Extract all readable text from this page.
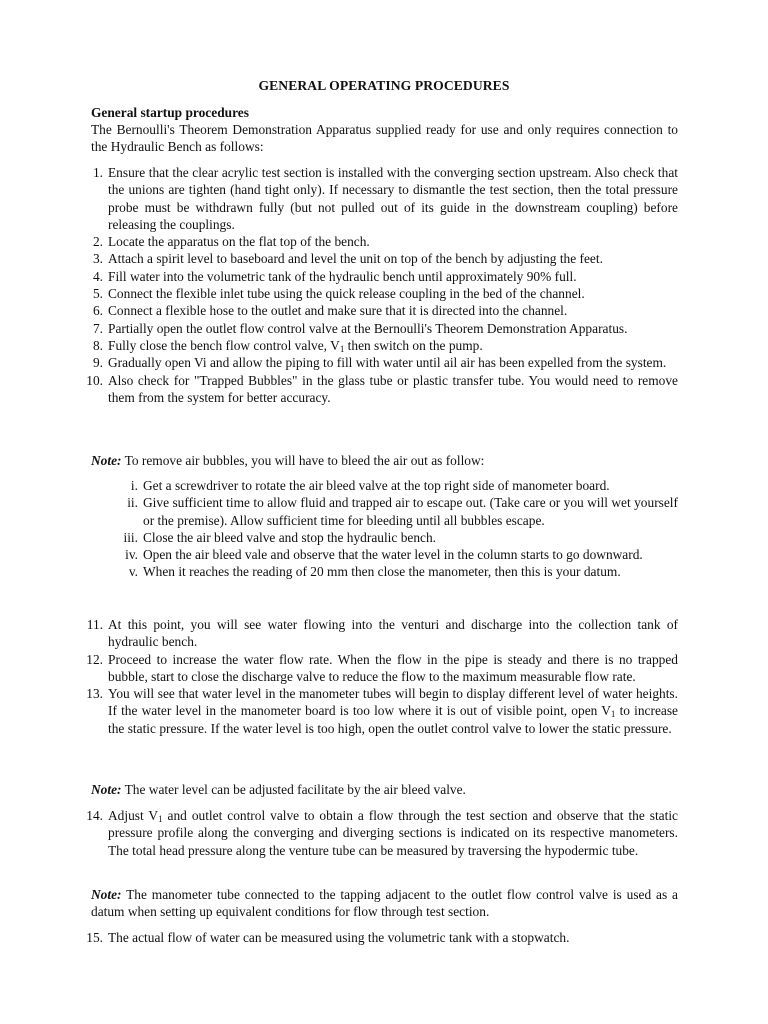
GENERAL OPERATING PROCEDURES
General startup procedures
The Bernoulli's Theorem Demonstration Apparatus supplied ready for use and only requires connection to the Hydraulic Bench as follows:
1. Ensure that the clear acrylic test section is installed with the converging section upstream. Also check that the unions are tighten (hand tight only). If necessary to dismantle the test section, then the total pressure probe must be withdrawn fully (but not pulled out of its guide in the downstream coupling) before releasing the couplings.
2. Locate the apparatus on the flat top of the bench.
3. Attach a spirit level to baseboard and level the unit on top of the bench by adjusting the feet.
4. Fill water into the volumetric tank of the hydraulic bench until approximately 90% full.
5. Connect the flexible inlet tube using the quick release coupling in the bed of the channel.
6. Connect a flexible hose to the outlet and make sure that it is directed into the channel.
7. Partially open the outlet flow control valve at the Bernoulli's Theorem Demonstration Apparatus.
8. Fully close the bench flow control valve, $V_1$ then switch on the pump.
9. Gradually open Vi and allow the piping to fill with water until ail air has been expelled from the system.
10. Also check for "Trapped Bubbles" in the glass tube or plastic transfer tube. You would need to remove them from the system for better accuracy.
Note: To remove air bubbles, you will have to bleed the air out as follow:
i. Get a screwdriver to rotate the air bleed valve at the top right side of manometer board.
ii. Give sufficient time to allow fluid and trapped air to escape out. (Take care or you will wet yourself or the premise). Allow sufficient time for bleeding until all bubbles escape.
iii. Close the air bleed valve and stop the hydraulic bench.
iv. Open the air bleed vale and observe that the water level in the column starts to go downward.
v. When it reaches the reading of 20 mm then close the manometer, then this is your datum.
11. At this point, you will see water flowing into the venturi and discharge into the collection tank of hydraulic bench.
12. Proceed to increase the water flow rate. When the flow in the pipe is steady and there is no trapped bubble, start to close the discharge valve to reduce the flow to the maximum measurable flow rate.
13. You will see that water level in the manometer tubes will begin to display different level of water heights. If the water level in the manometer board is too low where it is out of visible point, open $V_1$ to increase the static pressure. If the water level is too high, open the outlet control valve to lower the static pressure.
Note: The water level can be adjusted facilitate by the air bleed valve.
14. Adjust $V_1$ and outlet control valve to obtain a flow through the test section and observe that the static pressure profile along the converging and diverging sections is indicated on its respective manometers. The total head pressure along the venture tube can be measured by traversing the hypodermic tube.
Note: The manometer tube connected to the tapping adjacent to the outlet flow control valve is used as a datum when setting up equivalent conditions for flow through test section.
15. The actual flow of water can be measured using the volumetric tank with a stopwatch.
